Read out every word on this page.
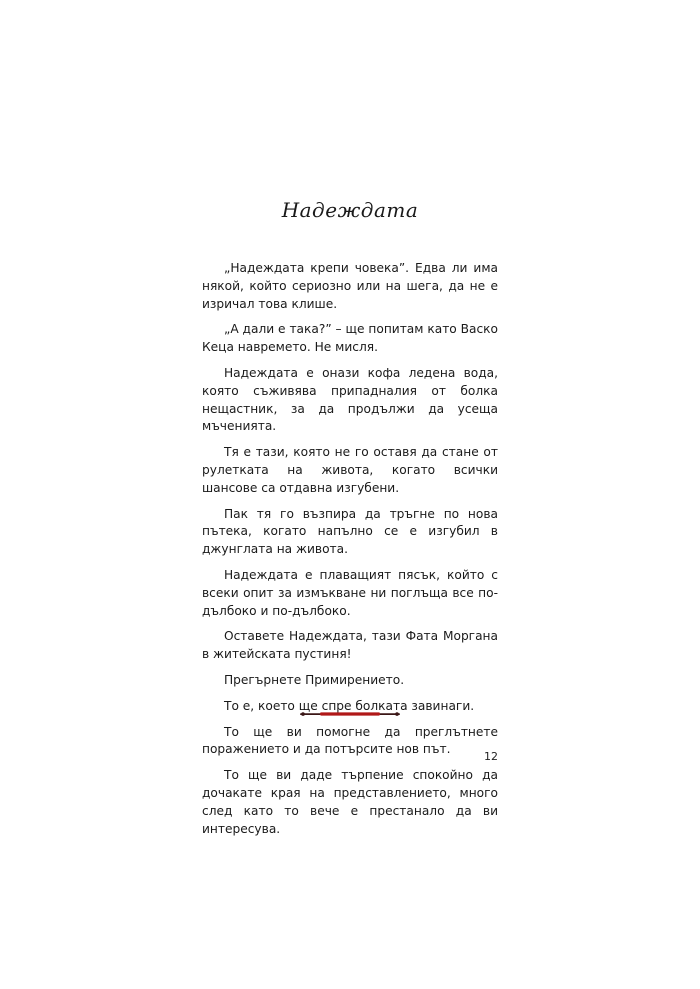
Надеждата

„Надеждата крепи човека”. Едва ли има някой, който сериозно или на шега, да не е изричал това клише.

„А дали е така?” – ще попитам като Васко Кеца навремето. Не мисля.

Надеждата е онази кофа ледена вода, която съживява припадналия от болка нещастник, за да продължи да усеща мъченията.

Тя е тази, която не го оставя да стане от рулетката на живота, когато всички шансове са отдавна изгубени.

Пак тя го възпира да тръгне по нова пътека, когато напълно се е изгубил в джунглата на живота.

Надеждата е плаващият пясък, който с всеки опит за измъкване ни поглъща все по-дълбоко и по-дълбоко.

Оставете Надеждата, тази Фата Моргана в житейската пустиня!

Прегърнете Примирението.

То е, което ще спре болката завинаги.

То ще ви помогне да преглътнете поражението и да потърсите нов път.

То ще ви даде търпение спокойно да дочакате края на представлението, много след като то вече е престанало да ви интересува.

12
